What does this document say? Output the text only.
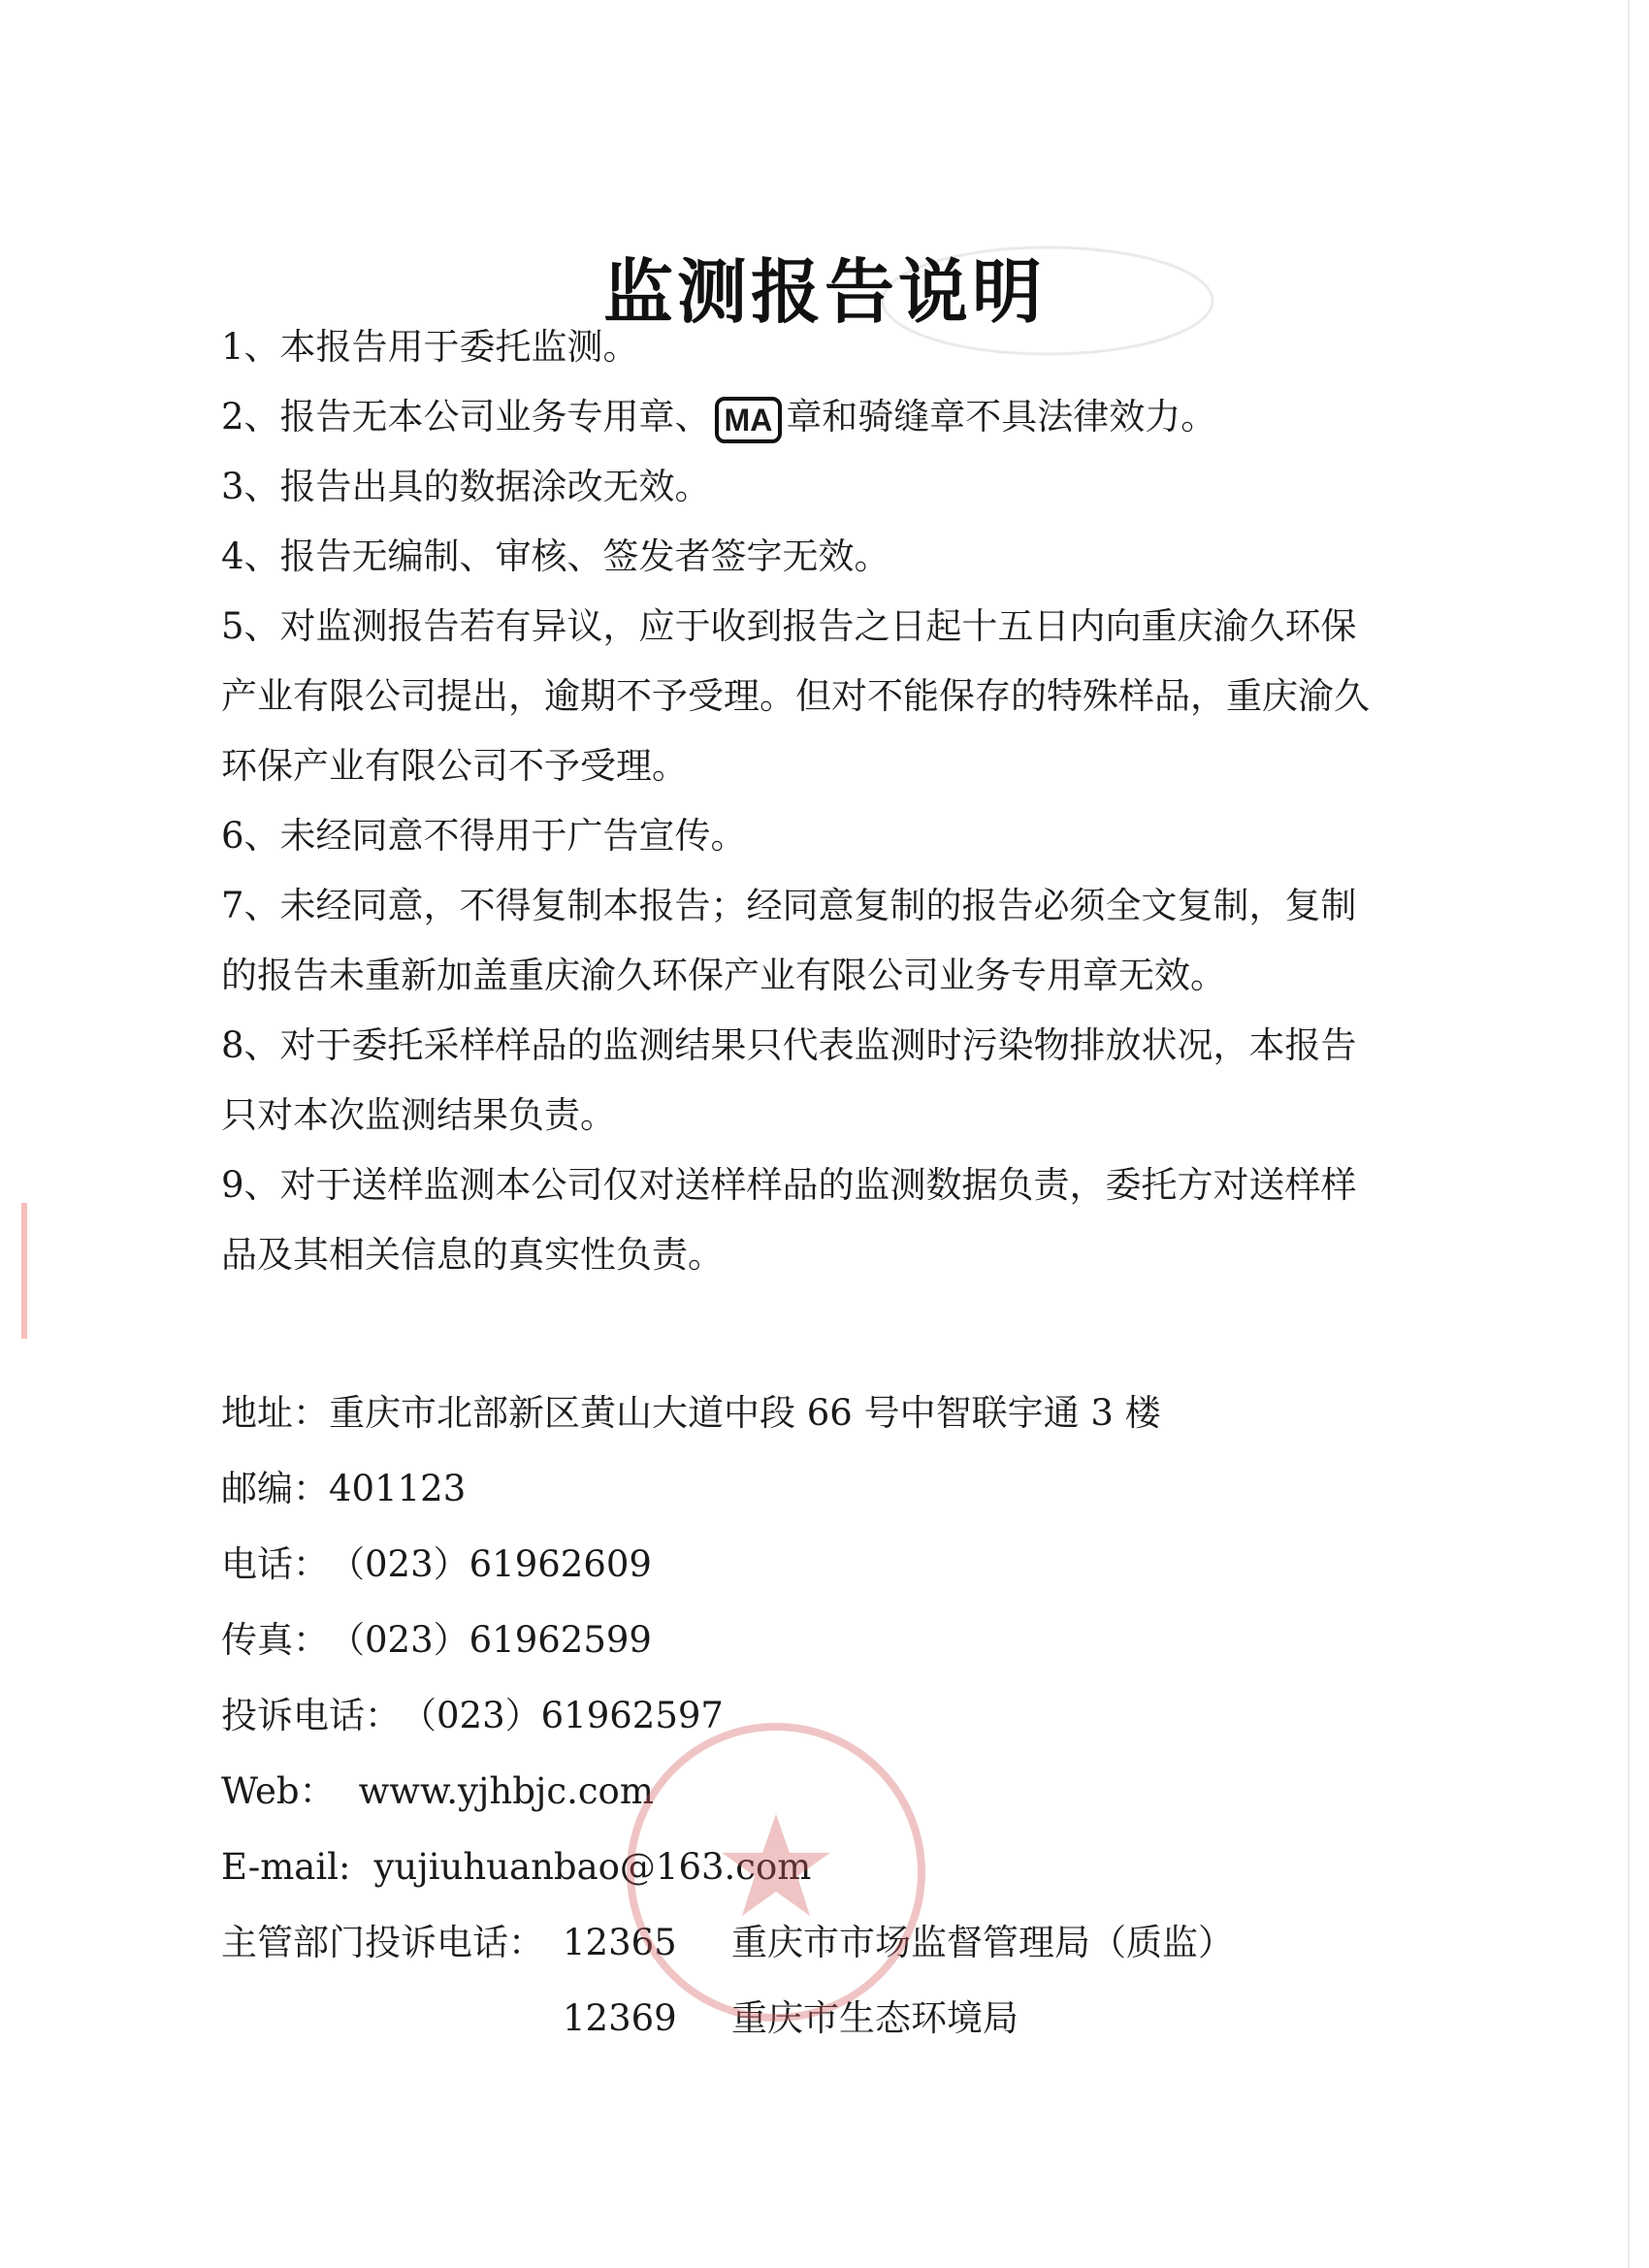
监测报告说明

1、本报告用于委托监测。

2、报告无本公司业务专用章、 MA 章和骑缝章不具法律效力。

3、报告出具的数据涂改无效。

4、报告无编制、审核、签发者签字无效。

5、对监测报告若有异议，应于收到报告之日起十五日内向重庆渝久环保
产业有限公司提出，逾期不予受理。但对不能保存的特殊样品，重庆渝久
环保产业有限公司不予受理。

6、未经同意不得用于广告宣传。

7、未经同意，不得复制本报告；经同意复制的报告必须全文复制，复制
的报告未重新加盖重庆渝久环保产业有限公司业务专用章无效。

8、对于委托采样样品的监测结果只代表监测时污染物排放状况，本报告
只对本次监测结果负责。

9、对于送样监测本公司仅对送样样品的监测数据负责，委托方对送样样
品及其相关信息的真实性负责。

地址：重庆市北部新区黄山大道中段 66 号中智联宇通 3 楼
邮编：401123
电话：（023）61962609
传真：（023）61962599
投诉电话：（023）61962597
Web： www.yjhbjc.com
E-mail: yujiuhuanbao@163.com
主管部门投诉电话： 12365 重庆市市场监督管理局（质监）
12369 重庆市生态环境局
